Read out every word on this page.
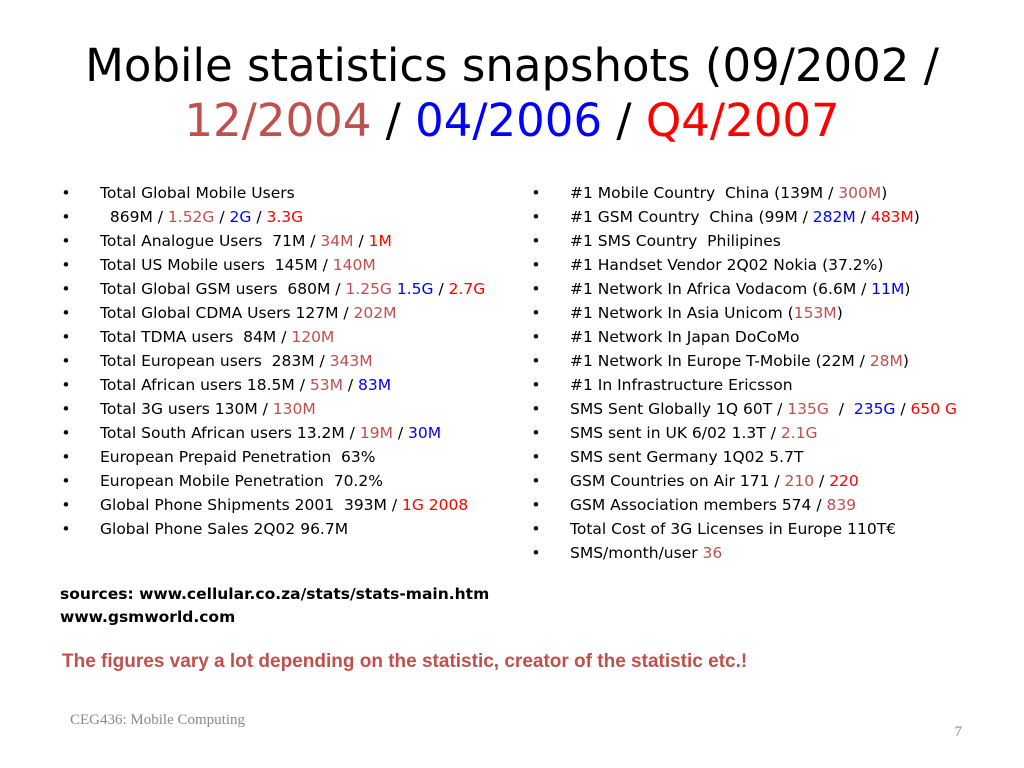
Mobile statistics snapshots (09/2002 /
12/2004 / 04/2006 / Q4/2007
• Total Global Mobile Users
• 869M / 1.52G / 2G / 3.3G
• Total Analogue Users  71M / 34M / 1M
• Total US Mobile users  145M / 140M
• Total Global GSM users  680M / 1.25G 1.5G / 2.7G
• Total Global CDMA Users 127M / 202M
• Total TDMA users  84M / 120M
• Total European users  283M / 343M
• Total African users 18.5M / 53M / 83M
• Total 3G users 130M / 130M
• Total South African users 13.2M / 19M / 30M
• European Prepaid Penetration  63%
• European Mobile Penetration  70.2%
• Global Phone Shipments 2001  393M / 1G 2008
• Global Phone Sales 2Q02 96.7M
• #1 Mobile Country  China (139M / 300M)
• #1 GSM Country  China (99M / 282M / 483M)
• #1 SMS Country  Philipines
• #1 Handset Vendor 2Q02 Nokia (37.2%)
• #1 Network In Africa Vodacom (6.6M / 11M)
• #1 Network In Asia Unicom (153M)
• #1 Network In Japan DoCoMo
• #1 Network In Europe T-Mobile (22M / 28M)
• #1 In Infrastructure Ericsson
• SMS Sent Globally 1Q 60T / 135G  /  235G / 650 G
• SMS sent in UK 6/02 1.3T / 2.1G
• SMS sent Germany 1Q02 5.7T
• GSM Countries on Air 171 / 210 / 220
• GSM Association members 574 / 839
• Total Cost of 3G Licenses in Europe 110T€
• SMS/month/user 36
sources: www.cellular.co.za/stats/stats-main.htm
www.gsmworld.com
The figures vary a lot depending on the statistic, creator of the statistic etc.!
CEG436: Mobile Computing
7
